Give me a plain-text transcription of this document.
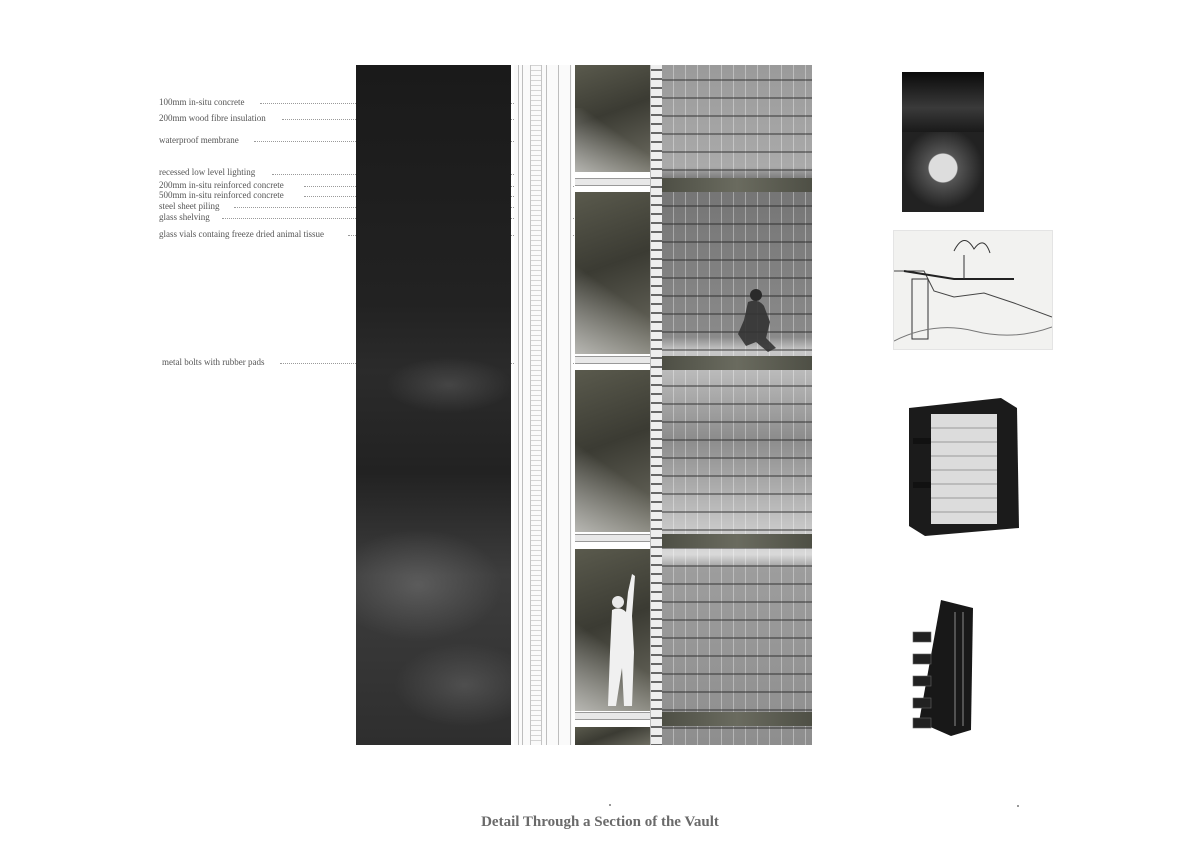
100mm in-situ concrete
200mm wood fibre insulation
waterproof membrane
recessed low level lighting
200mm in-situ reinforced concrete
500mm in-situ reinforced concrete
steel sheet piling
glass shelving
glass vials containg freeze dried animal tissue
metal bolts with rubber pads
Detail Through a Section of the Vault
